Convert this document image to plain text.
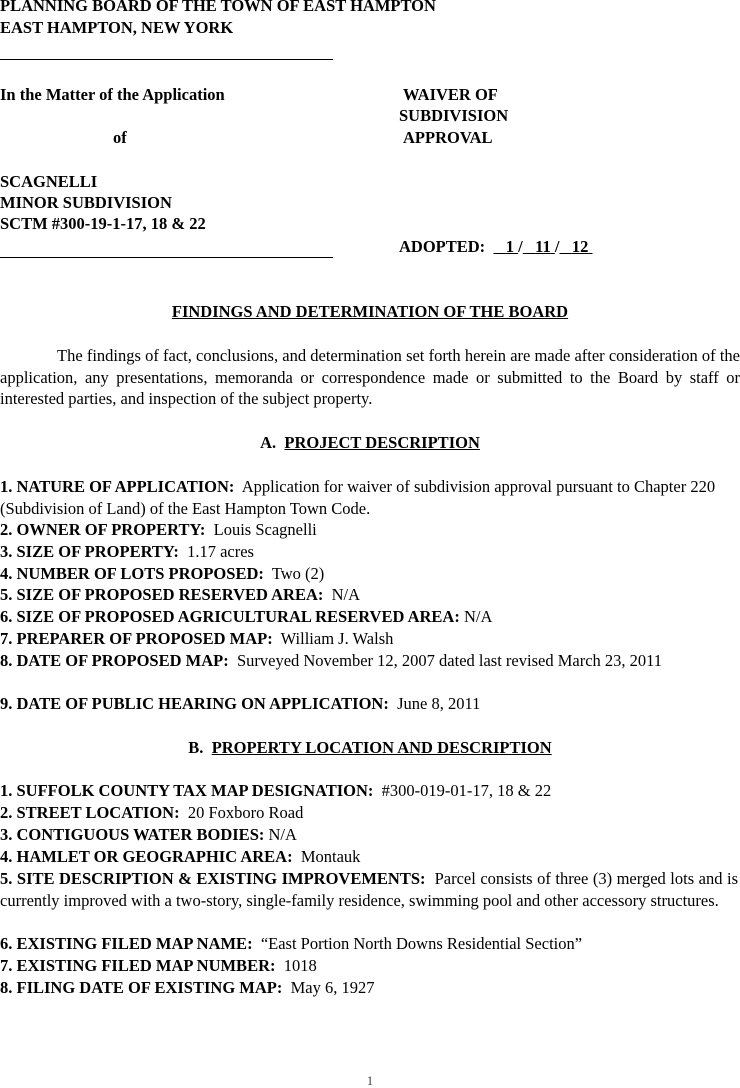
PLANNING BOARD OF THE TOWN OF EAST HAMPTON
EAST HAMPTON, NEW YORK
In the Matter of the Application
of
SCAGNELLI
MINOR SUBDIVISION
SCTM #300-19-1-17, 18 & 22
WAIVER OF
SUBDIVISION
APPROVAL
ADOPTED: 1 / 11 / 12
FINDINGS AND DETERMINATION OF THE BOARD
The findings of fact, conclusions, and determination set forth herein are made after consideration of the application, any presentations, memoranda or correspondence made or submitted to the Board by staff or interested parties, and inspection of the subject property.
A. PROJECT DESCRIPTION
1. NATURE OF APPLICATION: Application for waiver of subdivision approval pursuant to Chapter 220 (Subdivision of Land) of the East Hampton Town Code.
3. SIZE OF PROPERTY: 1.17 acres
2. OWNER OF PROPERTY: Louis Scagnelli
4. NUMBER OF LOTS PROPOSED: Two (2)
5. SIZE OF PROPOSED RESERVED AREA: N/A
6. SIZE OF PROPOSED AGRICULTURAL RESERVED AREA: N/A
7. PREPARER OF PROPOSED MAP: William J. Walsh
8. DATE OF PROPOSED MAP: Surveyed November 12, 2007 dated last revised March 23, 2011
9. DATE OF PUBLIC HEARING ON APPLICATION: June 8, 2011
B. PROPERTY LOCATION AND DESCRIPTION
1. SUFFOLK COUNTY TAX MAP DESIGNATION: #300-019-01-17, 18 & 22
2. STREET LOCATION: 20 Foxboro Road
3. CONTIGUOUS WATER BODIES: N/A
4. HAMLET OR GEOGRAPHIC AREA: Montauk
5. SITE DESCRIPTION & EXISTING IMPROVEMENTS: Parcel consists of three (3) merged lots and is currently improved with a two-story, single-family residence, swimming pool and other accessory structures.
6. EXISTING FILED MAP NAME: “East Portion North Downs Residential Section”
7. EXISTING FILED MAP NUMBER: 1018
8. FILING DATE OF EXISTING MAP: May 6, 1927
1
